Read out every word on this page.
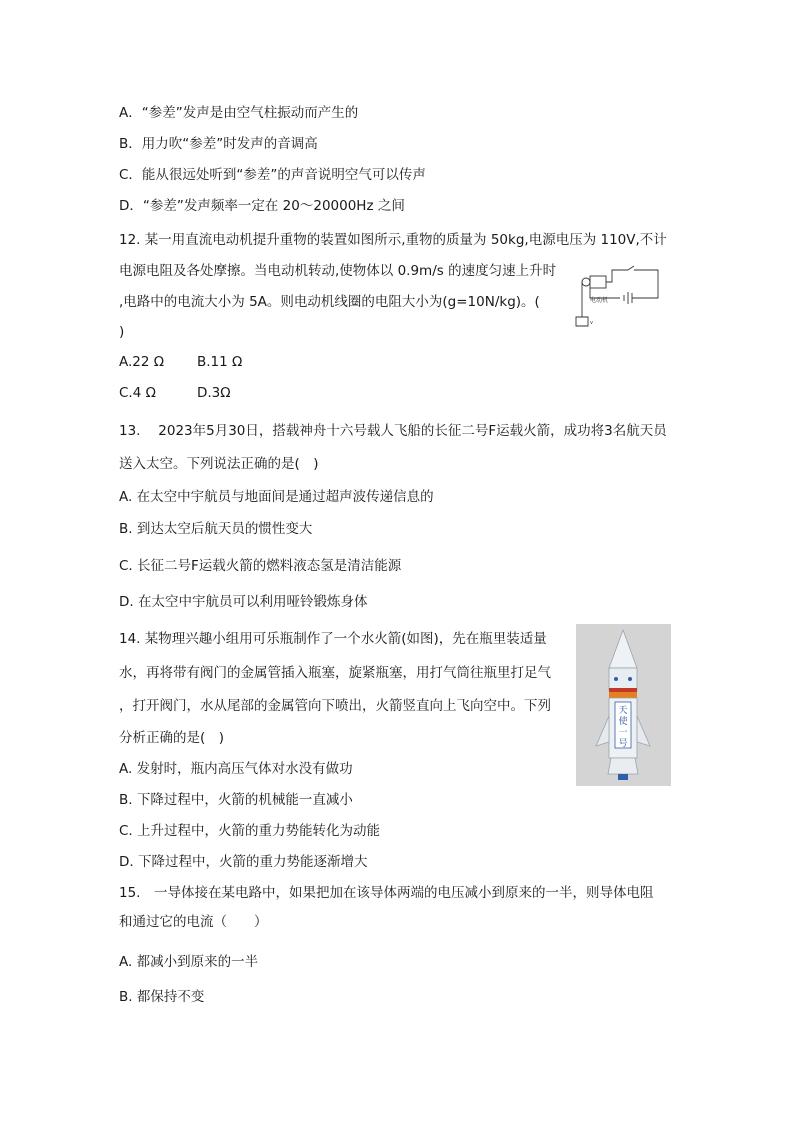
A．“参差”发声是由空气柱振动而产生的
B．用力吹“参差”时发声的音调高
C．能从很远处听到“参差”的声音说明空气可以传声
D．“参差”发声频率一定在 20～20000Hz 之间
12. 某一用直流电动机提升重物的装置如图所示,重物的质量为 50kg,电源电压为 110V,不计
电源电阻及各处摩擦。当电动机转动,使物体以 0.9m/s 的速度匀速上升时
,电路中的电流大小为 5A。则电动机线圈的电阻大小为(g=10N/kg)。(
)
A.22 Ω B.11 Ω
C.4 Ω	D.3Ω
电动机
v
13.　 2023年5月30日，搭载神舟十六号载人飞船的长征二号F运载火箭，成功将3名航天员
送入太空。下列说法正确的是(　)
A. 在太空中宇航员与地面间是通过超声波传递信息的
B. 到达太空后航天员的惯性变大
C. 长征二号F运载火箭的燃料液态氢是清洁能源
D. 在太空中宇航员可以利用哑铃锻炼身体
14. 某物理兴趣小组用可乐瓶制作了一个水火箭(如图)，先在瓶里装适量
水，再将带有阀门的金属管插入瓶塞，旋紧瓶塞，用打气筒往瓶里打足气
，打开阀门，水从尾部的金属管向下喷出，火箭竖直向上飞向空中。下列
分析正确的是(　)
A. 发射时，瓶内高压气体对水没有做功
B. 下降过程中，火箭的机械能一直减小
C. 上升过程中，火箭的重力势能转化为动能
D. 下降过程中，火箭的重力势能逐渐增大
天
使
一
号
15.　一导体接在某电路中，如果把加在该导体两端的电压减小到原来的一半，则导体电阻
和通过它的电流（　　）
A. 都减小到原来的一半
B. 都保持不变
